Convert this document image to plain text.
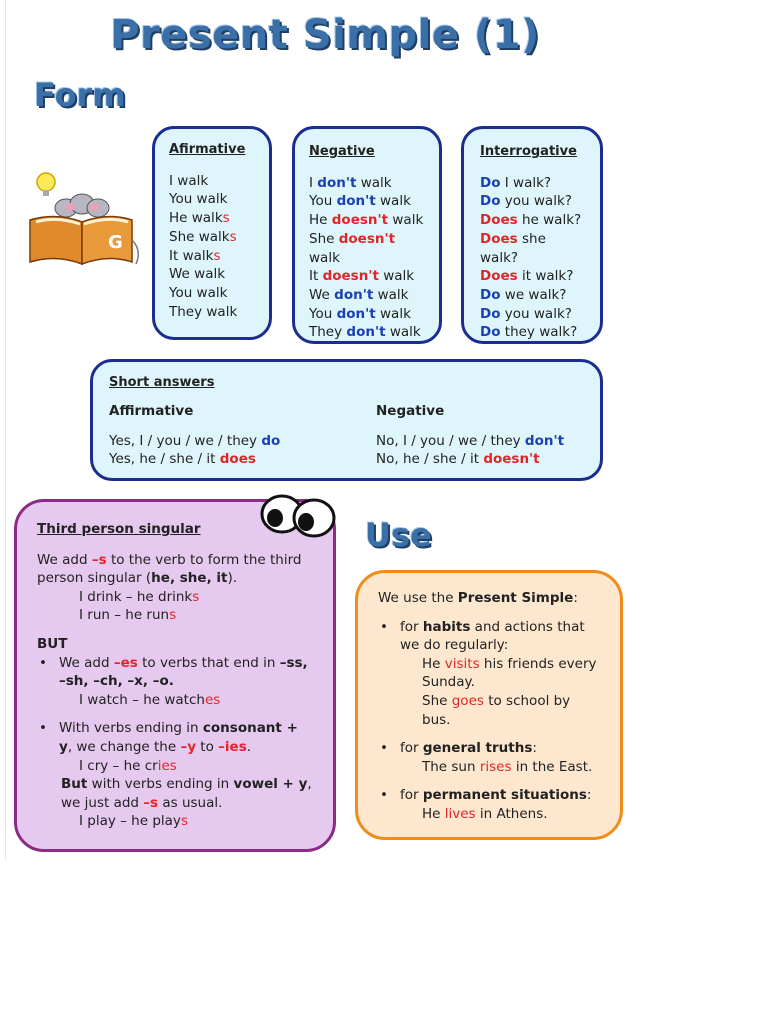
Present Simple (1)
Form
G
Afirmative
I walk
You walk
He walks
She walks
It walks
We walk
You walk
They walk
Negative
I don't walk
You don't walk
He doesn't walk
She doesn't walk
It doesn't walk
We don't walk
You don't walk
They don't walk
Interrogative
Do I walk?
Do you walk?
Does he walk?
Does she walk?
Does it walk?
Do we walk?
Do you walk?
Do they walk?
Short answers
Affirmative
Yes, I / you / we / they do
Yes, he / she / it does
Negative
No, I / you / we / they don't
No, he / she / it doesn't
Third person singular
We add –s to the verb to form the third person singular (he, she, it).
I drink – he drinks
I run – he runs
BUT
• We add –es to verbs that end in –ss, –sh, –ch, –x, –o.
I watch – he watches
• With verbs ending in consonant + y, we change the –y to –ies.
I cry – he cries
But with verbs ending in vowel + y, we just add –s as usual.
I play – he plays
Use
We use the Present Simple:
• for habits and actions that we do regularly:
He visits his friends every Sunday.
She goes to school by bus.
• for general truths:
The sun rises in the East.
• for permanent situations:
He lives in Athens.
